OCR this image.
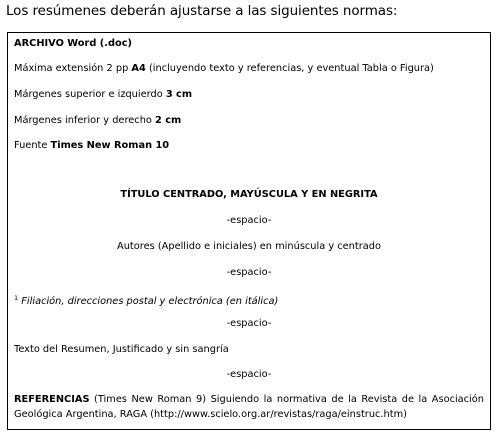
Los resúmenes deberán ajustarse a las siguientes normas:
ARCHIVO Word (.doc)
Máxima extensión 2 pp A4 (incluyendo texto y referencias, y eventual Tabla o Figura)
Márgenes superior e izquierdo 3 cm
Márgenes inferior y derecho 2 cm
Fuente Times New Roman 10
TÍTULO CENTRADO, MAYÚSCULA Y EN NEGRITA
-espacio-
Autores (Apellido e iniciales) en minúscula y centrado
-espacio-
$^1$ Filiación, direcciones postal y electrónica (en itálica)
-espacio-
Texto del Resumen, Justificado y sin sangría
-espacio-
REFERENCIAS (Times New Roman 9) Siguiendo la normativa de la Revista de la Asociación Geológica Argentina, RAGA (http://www.scielo.org.ar/revistas/raga/einstruc.htm)
